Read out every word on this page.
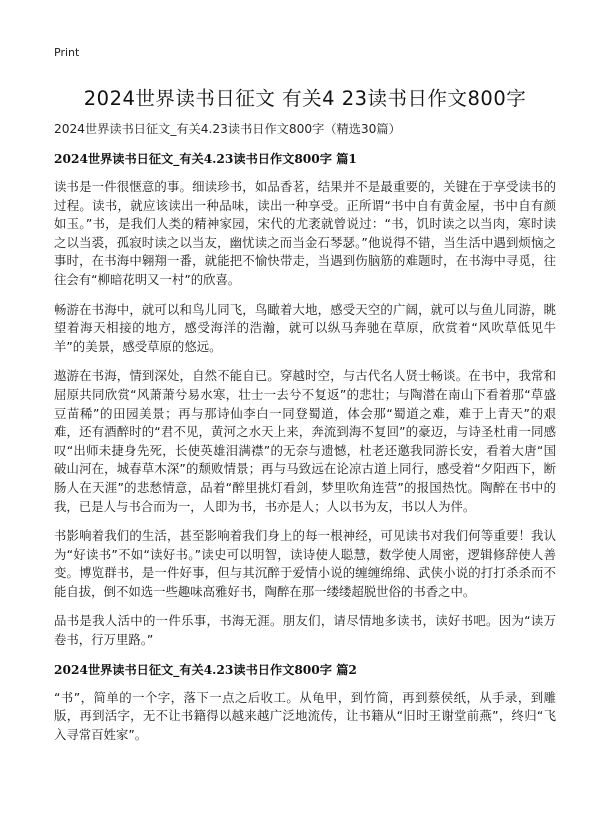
Print
2024世界读书日征文 有关4 23读书日作文800字

2024世界读书日征文_有关4.23读书日作文800字（精选30篇）

2024世界读书日征文_有关4.23读书日作文800字 篇1

读书是一件很惬意的事。细读珍书，如品香茗，结果并不是最重要的，关键在于享受读书的过程。读书，就应该读出一种品味，读出一种享受。正所谓“书中自有黄金屋，书中自有颜如玉。”书，是我们人类的精神家园，宋代的尤袤就曾说过：“书，饥时读之以当肉，寒时读之以当裘，孤寂时读之以当友，幽忧读之而当金石琴瑟。”他说得不错，当生活中遇到烦恼之事时，在书海中翱翔一番，就能把不愉快带走，当遇到伤脑筋的难题时，在书海中寻觅，往往会有“柳暗花明又一村”的欣喜。

畅游在书海中，就可以和鸟儿同飞，鸟瞰着大地，感受天空的广阔，就可以与鱼儿同游，眺望着海天相接的地方，感受海洋的浩瀚，就可以纵马奔驰在草原，欣赏着“风吹草低见牛羊”的美景，感受草原的悠远。

遨游在书海，情到深处，自然不能自已。穿越时空，与古代名人贤士畅谈。在书中，我常和屈原共同欣赏“风萧萧兮易水寒，壮士一去兮不复返”的悲壮；与陶潜在南山下看着那“草盛豆苗稀”的田园美景；再与那诗仙李白一同登蜀道，体会那“蜀道之难，难于上青天”的艰难，还有酒醉时的“君不见，黄河之水天上来，奔流到海不复回”的豪迈，与诗圣杜甫一同感叹“出师未捷身先死，长使英雄泪满襟”的无奈与遗憾，杜老还邀我同游长安，看着大唐“国破山河在，城春草木深”的颓败情景；再与马致远在论凉古道上同行，感受着“夕阳西下，断肠人在天涯”的悲愁情意，品着“醉里挑灯看剑，梦里吹角连营”的报国热忱。陶醉在书中的我，已是人与书合而为一，人即为书，书亦是人；人以书为友，书以人为伴。

书影响着我们的生活，甚至影响着我们身上的每一根神经，可见读书对我们何等重要！我认为“好读书”不如“读好书。”读史可以明智，读诗使人聪慧，数学使人周密，逻辑修辞使人善变。博览群书，是一件好事，但与其沉醉于爱情小说的缠缠绵绵、武侠小说的打打杀杀而不能自拔，倒不如选一些趣味高雅好书，陶醉在那一缕缕超脱世俗的书香之中。

品书是我人活中的一件乐事，书海无涯。朋友们，请尽情地多读书，读好书吧。因为“读万卷书，行万里路。”

2024世界读书日征文_有关4.23读书日作文800字 篇2

“书”，简单的一个字，落下一点之后收工。从龟甲，到竹简，再到蔡侯纸，从手录，到雕版，再到活字，无不让书籍得以越来越广泛地流传，让书籍从“旧时王谢堂前燕”，终归“飞入寻常百姓家”。
